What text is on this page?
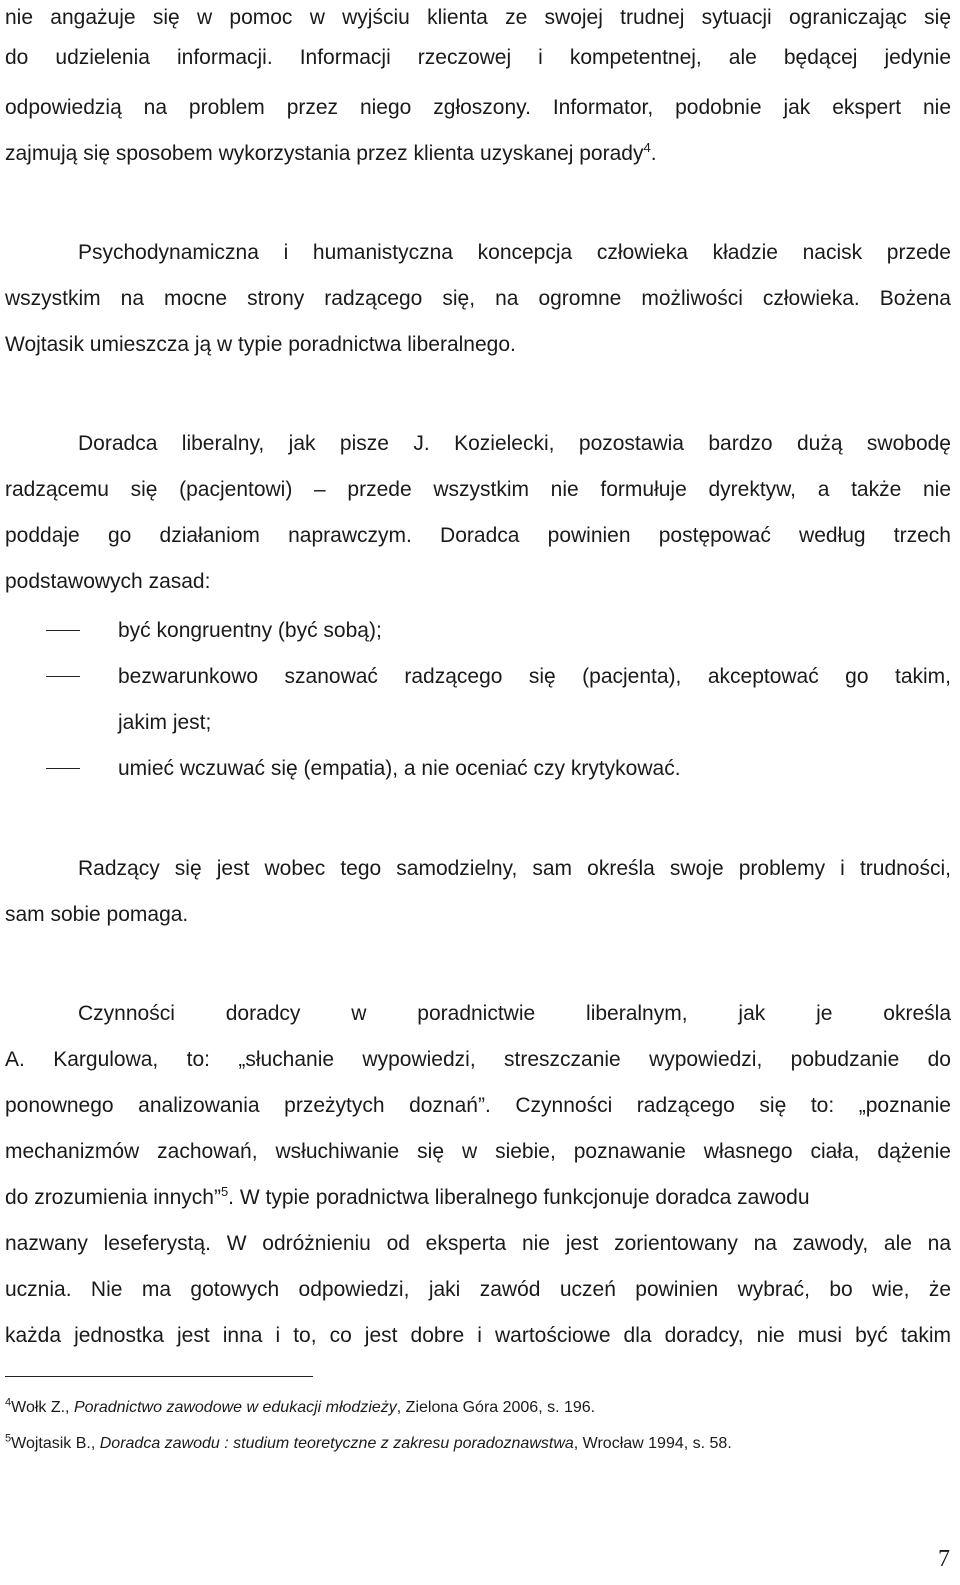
nie angażuje się w pomoc w wyjściu klienta ze swojej trudnej sytuacji ograniczając się
do udzielenia informacji. Informacji rzeczowej i kompetentnej, ale będącej jedynie
odpowiedzią na problem przez niego zgłoszony. Informator, podobnie jak ekspert nie
zajmują się sposobem wykorzystania przez klienta uzyskanej porady$^4$.
Psychodynamiczna i humanistyczna koncepcja człowieka kładzie nacisk przede
wszystkim na mocne strony radzącego się, na ogromne możliwości człowieka. Bożena
Wojtasik umieszcza ją w typie poradnictwa liberalnego.
Doradca liberalny, jak pisze J. Kozielecki, pozostawia bardzo dużą swobodę
radzącemu się (pacjentowi) – przede wszystkim nie formułuje dyrektyw, a także nie
poddaje go działaniom naprawczym. Doradca powinien postępować według trzech
podstawowych zasad:
być kongruentny (być sobą);
bezwarunkowo szanować radzącego się (pacjenta), akceptować go takim,
jakim jest;
umieć wczuwać się (empatia), a nie oceniać czy krytykować.
Radzący się jest wobec tego samodzielny, sam określa swoje problemy i trudności,
sam sobie pomaga.
Czynności doradcy w poradnictwie liberalnym, jak je określa
A. Kargulowa, to: „słuchanie wypowiedzi, streszczanie wypowiedzi, pobudzanie do
ponownego analizowania przeżytych doznań”. Czynności radzącego się to: „poznanie
mechanizmów zachowań, wsłuchiwanie się w siebie, poznawanie własnego ciała, dążenie
do zrozumienia innych”$^5$. W typie poradnictwa liberalnego funkcjonuje doradca zawodu
nazwany leseferystą. W odróżnieniu od eksperta nie jest zorientowany na zawody, ale na
ucznia. Nie ma gotowych odpowiedzi, jaki zawód uczeń powinien wybrać, bo wie, że
każda jednostka jest inna i to, co jest dobre i wartościowe dla doradcy, nie musi być takim
$^4$Wołk Z., Poradnictwo zawodowe w edukacji młodzieży, Zielona Góra 2006, s. 196.
$^5$Wojtasik B., Doradca zawodu : studium teoretyczne z zakresu poradoznawstwa, Wrocław 1994, s. 58.
7
